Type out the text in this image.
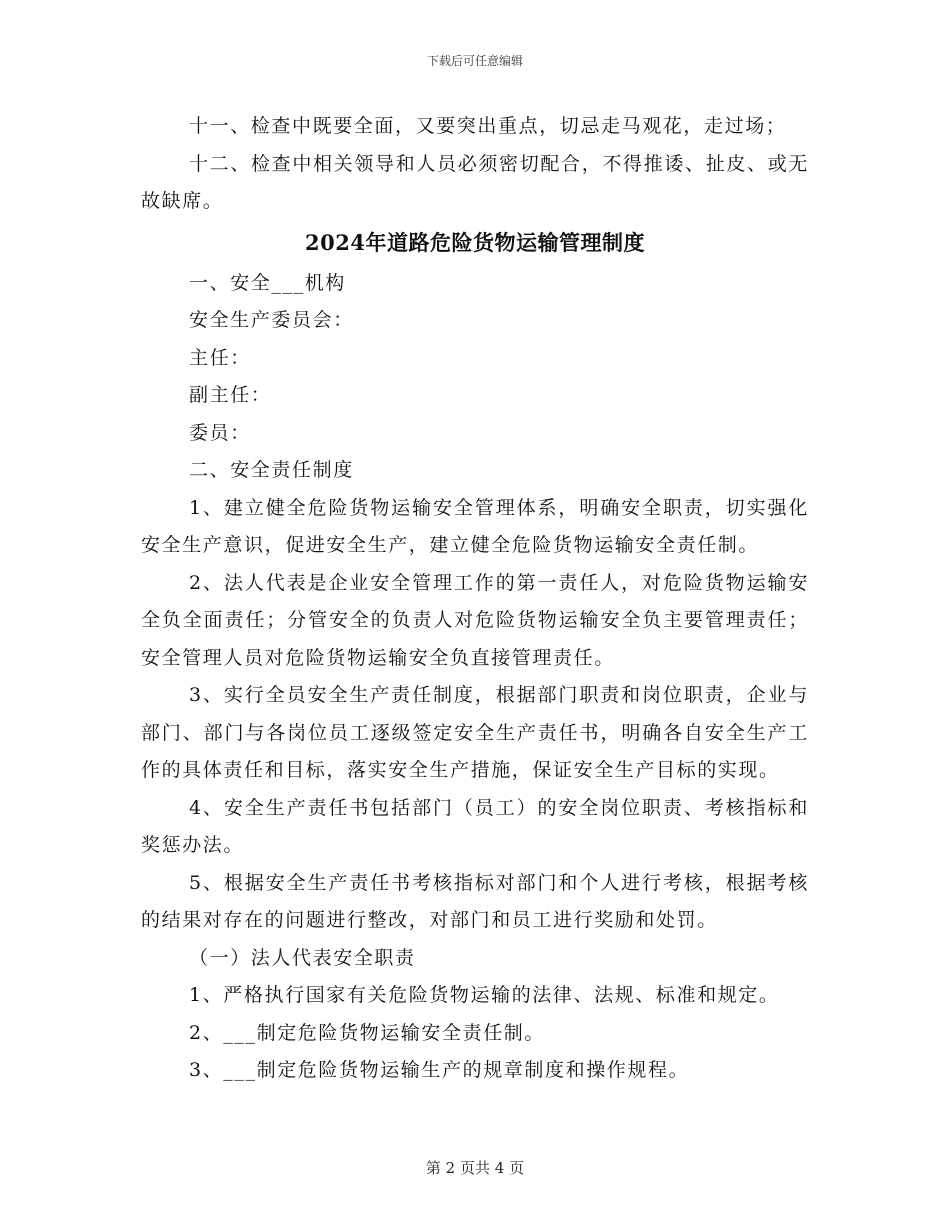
下载后可任意编辑

十一、检查中既要全面，又要突出重点，切忌走马观花，走过场；

十二、检查中相关领导和人员必须密切配合，不得推诿、扯皮、或无故缺席。

2024年道路危险货物运输管理制度

一、安全___机构

安全生产委员会：

主任：

副主任：

委员：

二、安全责任制度

1、建立健全危险货物运输安全管理体系，明确安全职责，切实强化安全生产意识，促进安全生产，建立健全危险货物运输安全责任制。

2、法人代表是企业安全管理工作的第一责任人，对危险货物运输安全负全面责任；分管安全的负责人对危险货物运输安全负主要管理责任；安全管理人员对危险货物运输安全负直接管理责任。

3、实行全员安全生产责任制度，根据部门职责和岗位职责，企业与部门、部门与各岗位员工逐级签定安全生产责任书，明确各自安全生产工作的具体责任和目标，落实安全生产措施，保证安全生产目标的实现。

4、安全生产责任书包括部门（员工）的安全岗位职责、考核指标和奖惩办法。

5、根据安全生产责任书考核指标对部门和个人进行考核，根据考核的结果对存在的问题进行整改，对部门和员工进行奖励和处罚。

（一）法人代表安全职责

1、严格执行国家有关危险货物运输的法律、法规、标准和规定。

2、___制定危险货物运输安全责任制。

3、___制定危险货物运输生产的规章制度和操作规程。

第 2 页共 4 页
